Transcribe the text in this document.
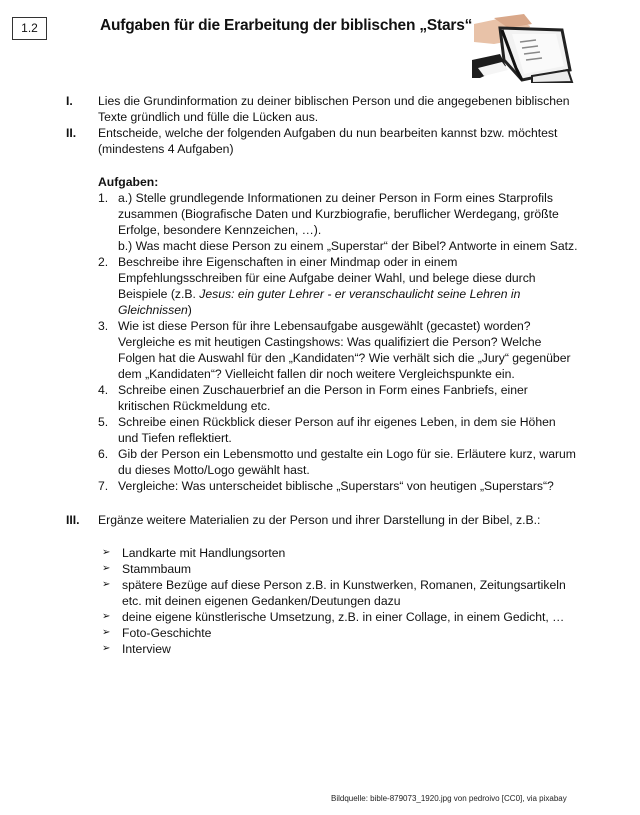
1.2	Aufgaben für die Erarbeitung der biblischen „Stars“
I. Lies die Grundinformation zu deiner biblischen Person und die angegebenen biblischen Texte gründlich und fülle die Lücken aus.
II. Entscheide, welche der folgenden Aufgaben du nun bearbeiten kannst bzw. möchtest (mindestens 4 Aufgaben)
Aufgaben:
1. a.) Stelle grundlegende Informationen zu deiner Person in Form eines Starprofils zusammen (Biografische Daten und Kurzbiografie, beruflicher Werdegang, größte Erfolge, besondere Kennzeichen, …).
b.) Was macht diese Person zu einem „Superstar“ der Bibel? Antworte in einem Satz.
2. Beschreibe ihre Eigenschaften in einer Mindmap oder in einem Empfehlungsschreiben für eine Aufgabe deiner Wahl, und belege diese durch Beispiele (z.B. Jesus: ein guter Lehrer - er veranschaulicht seine Lehren in Gleichnissen)
3. Wie ist diese Person für ihre Lebensaufgabe ausgewählt (gecastet) worden? Vergleiche es mit heutigen Castingshows: Was qualifiziert die Person? Welche Folgen hat die Auswahl für den „Kandidaten“? Wie verhält sich die „Jury“ gegenüber dem „Kandidaten“? Vielleicht fallen dir noch weitere Vergleichspunkte ein.
4. Schreibe einen Zuschauerbrief an die Person in Form eines Fanbriefs, einer kritischen Rückmeldung etc.
5. Schreibe einen Rückblick dieser Person auf ihr eigenes Leben, in dem sie Höhen und Tiefen reflektiert.
6. Gib der Person ein Lebensmotto und gestalte ein Logo für sie. Erläutere kurz, warum du dieses Motto/Logo gewählt hast.
7. Vergleiche: Was unterscheidet biblische „Superstars“ von heutigen „Superstars“?
III. Ergänze weitere Materialien zu der Person und ihrer Darstellung in der Bibel, z.B.:
➢ Landkarte mit Handlungsorten
➢ Stammbaum
➢ spätere Bezüge auf diese Person z.B. in Kunstwerken, Romanen, Zeitungsartikeln etc. mit deinen eigenen Gedanken/Deutungen dazu
➢ deine eigene künstlerische Umsetzung, z.B. in einer Collage, in einem Gedicht, …
➢ Foto-Geschichte
➢ Interview
Bildquelle: bible-879073_1920.jpg von pedroivo [CC0], via pixabay
